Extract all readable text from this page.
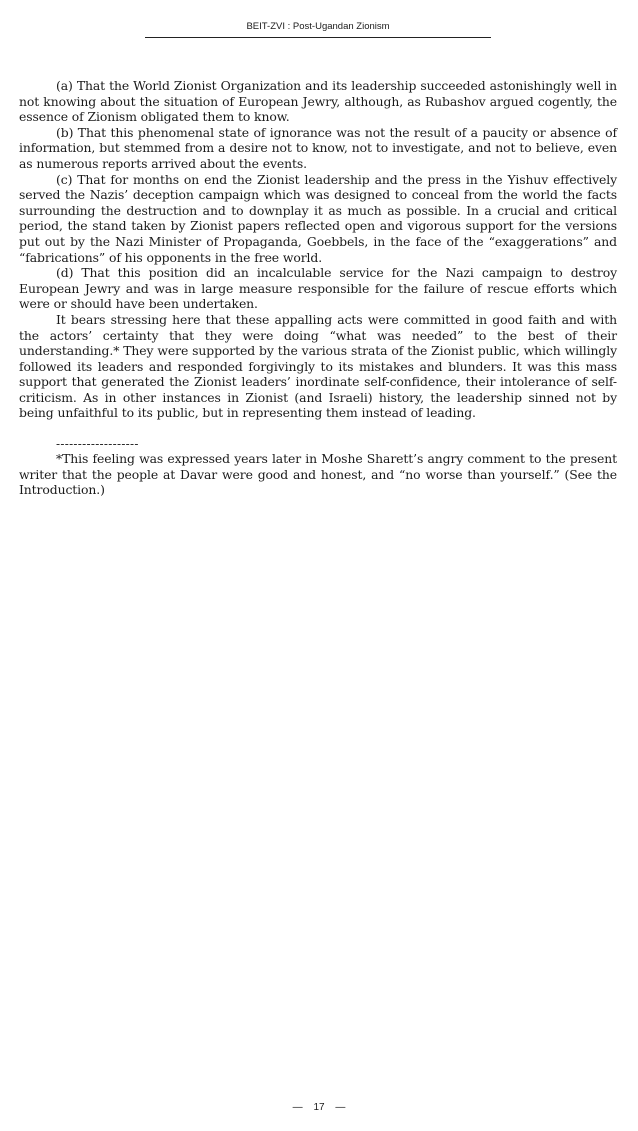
BEIT-ZVI : Post-Ugandan Zionism

(a) That the World Zionist Organization and its leadership succeeded astonishingly well in not knowing about the situation of European Jewry, although, as Rubashov argued cogently, the essence of Zionism obligated them to know.

(b) That this phenomenal state of ignorance was not the result of a paucity or absence of information, but stemmed from a desire not to know, not to investigate, and not to believe, even as numerous reports arrived about the events.

(c) That for months on end the Zionist leadership and the press in the Yishuv effectively served the Nazis’ deception campaign which was designed to conceal from the world the facts surrounding the destruction and to downplay it as much as possible. In a crucial and critical period, the stand taken by Zionist papers reflected open and vigorous support for the versions put out by the Nazi Minister of Propaganda, Goebbels, in the face of the “exaggerations” and “fabrications” of his opponents in the free world.

(d) That this position did an incalculable service for the Nazi campaign to destroy European Jewry and was in large measure responsible for the failure of rescue efforts which were or should have been undertaken.

It bears stressing here that these appalling acts were committed in good faith and with the actors’ certainty that they were doing “what was needed” to the best of their understanding.* They were supported by the various strata of the Zionist public, which willingly followed its leaders and responded forgivingly to its mistakes and blunders. It was this mass support that generated the Zionist leaders’ inordinate self-confidence, their intolerance of self-criticism. As in other instances in Zionist (and Israeli) history, the leadership sinned not by being unfaithful to its public, but in representing them instead of leading.

-------------------

*This feeling was expressed years later in Moshe Sharett’s angry comment to the present writer that the people at Davar were good and honest, and “no worse than yourself.” (See the Introduction.)

— 17 —
